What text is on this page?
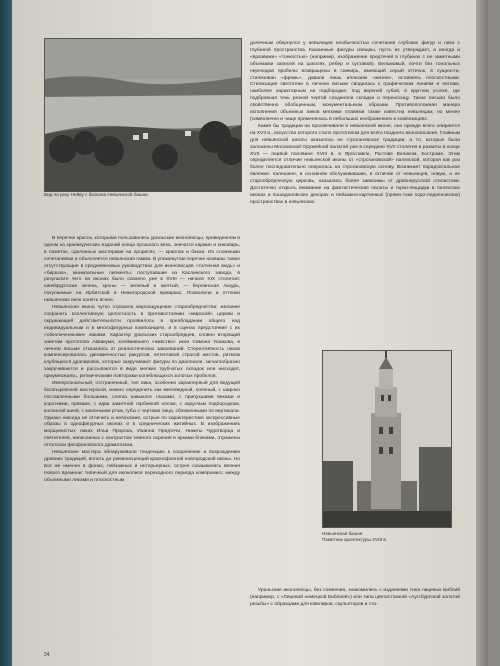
Вид на реку Нейву с балкона Невьянской башни

В перечне красок, которыми пользовались уральские иконописцы, приведенном в одном из краеведческих изданий конца прошлого века, значатся кармин и киноварь, в пометах, сделанных мастерами на прорисях, — краплак и бакан. Их сложными сочетаниями и объясняется невьянская гамма. В упоминутом перечне названы также отсутствующие в средневековых руководствах для иконописцев «толченая медь» и «бирюза», минеральные пигменты, поступавшие из Каслинского завода, в результате чего на иконах было освоено уже в XVIII — начале XIX столетия: швейфуртская зелень, кроны — зеленый и желтый, — берлинская лазурь, покупаемые на Ирбитской и Нижегородской ярмарках. Позволили и оттенки невьянских икон понять яснее.

Невьянская икона чутко отразила мироощущение старообрядчества: желание сохранить коллективную целостность в противостоянии «мирской» церкви и окружающей действительности проявилось в преобладании общего над индивидуальным и в многофигурных композициях, и в сценах предстояния с их «обезличенными» ликами. Характер уральских старообрядцев, словно вторящий заветам протопопа Аввакума, клеймившего «живство» икон Симона Ушакова, в личном письме отказались от реалистических завоеваний. Стереотипность ликов компенсировалась динамичностью ракурсов, пятеглавой строгой жестов, ритмом клубящихся драпировок, которые закручивают фигуры по диагонали, зигзагообразно закручиваются и рассыпаются в виде мелких трубчатых складок или нисходят, приумножаясь, ритмическими повторами колеблющихся золотых пробелов.

Имперсональный, отстраненный, тип лика, особенно характерный для ведущей богатыревской мастерской, можно определить как миловидный, холеный, с широко поставленными большими, слегка навыкате глазами, с припухшими веками и короткими, прямым, с едва заметной горбинкой носом, с округлым подбородком, колонной шеей, с маленьким ртом, губы с чертами лица, сближенными по вертикали. Однако никогда не отличить и непохожие, острые по характеристике экспрессивные образы в однофигурных иконах и в среднических житийных. В изображениях морщинистых ликах Ильи Пророка, Иоанна Предтечи, Никиты Чудотворца и святителей, написанных с контрастом темного охрения и яркими бликами, отражены отголоски феофановского драматизма.

Невьянские мастера обнаруживали тенденцию к сохранению и возрождению древних традиций, вплоть до реминисценций краснофонной новгородской иконы. Но все же именно в фонах, пейзажных и интерьерных, острее сказывались веяния Нового времени: типичный для иконописи переходного периода компромисс между объемными ликами и плоскостным

долечным обернулся у невьянцев необычностью сочетания глубоких фигур и лика с глубиной пространства. Каскинные фигуры изящны, пусть их утверждает, а иногда и «вразвижи» «тонкостью» (например, изображение предтечей в глубинах с ее заметными объемами записей на цоколях, ребер и суставов). Бельмовый, почти без тональных переходов пробелы возвращены в санкирь, имеющий серый оттенок, в сущности, стилизован «фряжь», давали лишь иллюзию «жизни», оставаясь плоскостными. Стилизация светотени в личном письме сводилась к графическим линиям и пятнам, наиболее характерным на подбородке, под верхней губой, в круглом уголке, где подбровная тень резкой чертой соединяла складки и переносицу. Такое письмо было свойственно обобщенным, монументальным образам. Противоположная манера исполнения объемных ликов мягкими плавями также известна невьянцам, но менее (символично и чаще применялась в небольших изображениях и композициях.

Какие бы традиции ни просвечивали в невьянской иконе, она прежде всего опирается на XVII в., искусство которого стало прототипом для всего позднего иконописания. Главным для невьянской школы оказалось не строгановское традиции, а то, которые были заложены Московской Оружейной палатой уже в середине XVII столетия и развиты в конце XVII — первой половине XVIII в. в Ярославле, Ростове Великом, Костроме. Этим определяется отличие невьянской иконы от «строгановской» палехской, которая как раз более последовательно опиралась на строгановскую основу. Возникает парадоксальное явление: палешане, в основном обслуживавшие, в отличие от невьянцев, новую, а не старообрядческую церковь, оказались более зависимы от древнерусской стилистики. Достаточно открыть внимание на фантастические палаты и горки-лещадки в палехских иконах и пошадоновских декорах и пейзажно-картинных (прямо-таки кодо-лорреновских) пространствах в невьянских.

Невьянская башня.
Памятник архитектуры XVIII в.

Уральские иконописцы, без сомнения, знакомились с изданиями типа лицевых Библий (например, с «Лицевой немецкой Библией») или типа цветистомной «Аугсбургской золотой резьбы» с образцами для ювелиров, скульпторов и сто-

24
